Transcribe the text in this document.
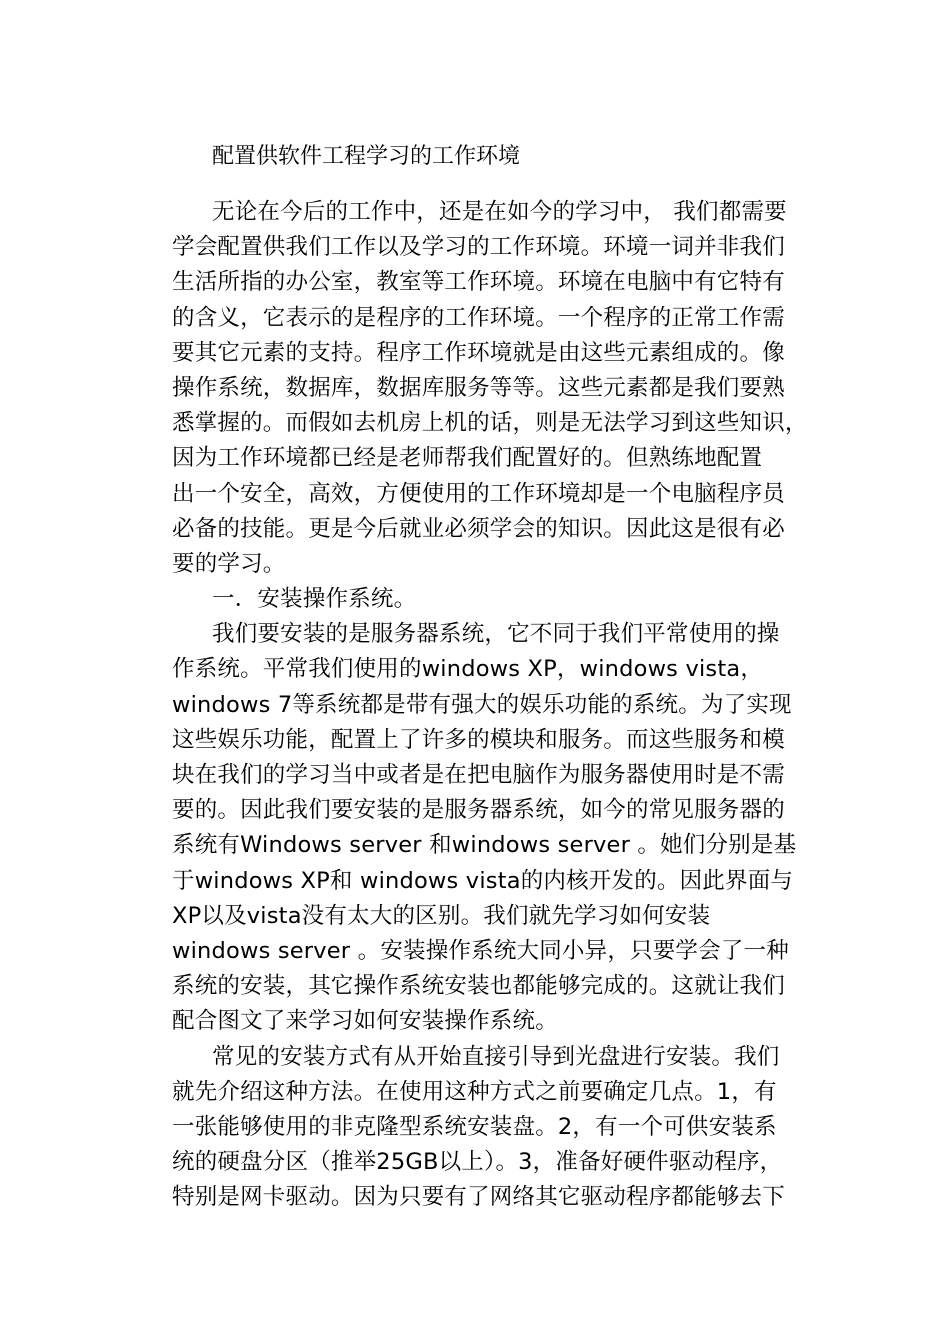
配置供软件工程学习的工作环境
无论在今后的工作中，还是在如今的学习中， 我们都需要
学会配置供我们工作以及学习的工作环境。环境一词并非我们
生活所指的办公室，教室等工作环境。环境在电脑中有它特有
的含义，它表示的是程序的工作环境。一个程序的正常工作需
要其它元素的支持。程序工作环境就是由这些元素组成的。像
操作系统，数据库，数据库服务等等。这些元素都是我们要熟
悉掌握的。而假如去机房上机的话，则是无法学习到这些知识，
因为工作环境都已经是老师帮我们配置好的。但熟练地配置
出一个安全，高效，方便使用的工作环境却是一个电脑程序员
必备的技能。更是今后就业必须学会的知识。因此这是很有必
要的学习。
一．安装操作系统。
我们要安装的是服务器系统，它不同于我们平常使用的操
作系统。平常我们使用的windows XP，windows vista，
windows 7等系统都是带有强大的娱乐功能的系统。为了实现
这些娱乐功能，配置上了许多的模块和服务。而这些服务和模
块在我们的学习当中或者是在把电脑作为服务器使用时是不需
要的。因此我们要安装的是服务器系统，如今的常见服务器的
系统有Windows server 和windows server 。她们分别是基
于windows XP和 windows vista的内核开发的。因此界面与
XP以及vista没有太大的区别。我们就先学习如何安装
windows server 。安装操作系统大同小异，只要学会了一种
系统的安装，其它操作系统安装也都能够完成的。这就让我们
配合图文了来学习如何安装操作系统。
常见的安装方式有从开始直接引导到光盘进行安装。我们
就先介绍这种方法。在使用这种方式之前要确定几点。1，有
一张能够使用的非克隆型系统安装盘。2，有一个可供安装系
统的硬盘分区（推举25GB以上）。3，准备好硬件驱动程序，
特别是网卡驱动。因为只要有了网络其它驱动程序都能够去下
